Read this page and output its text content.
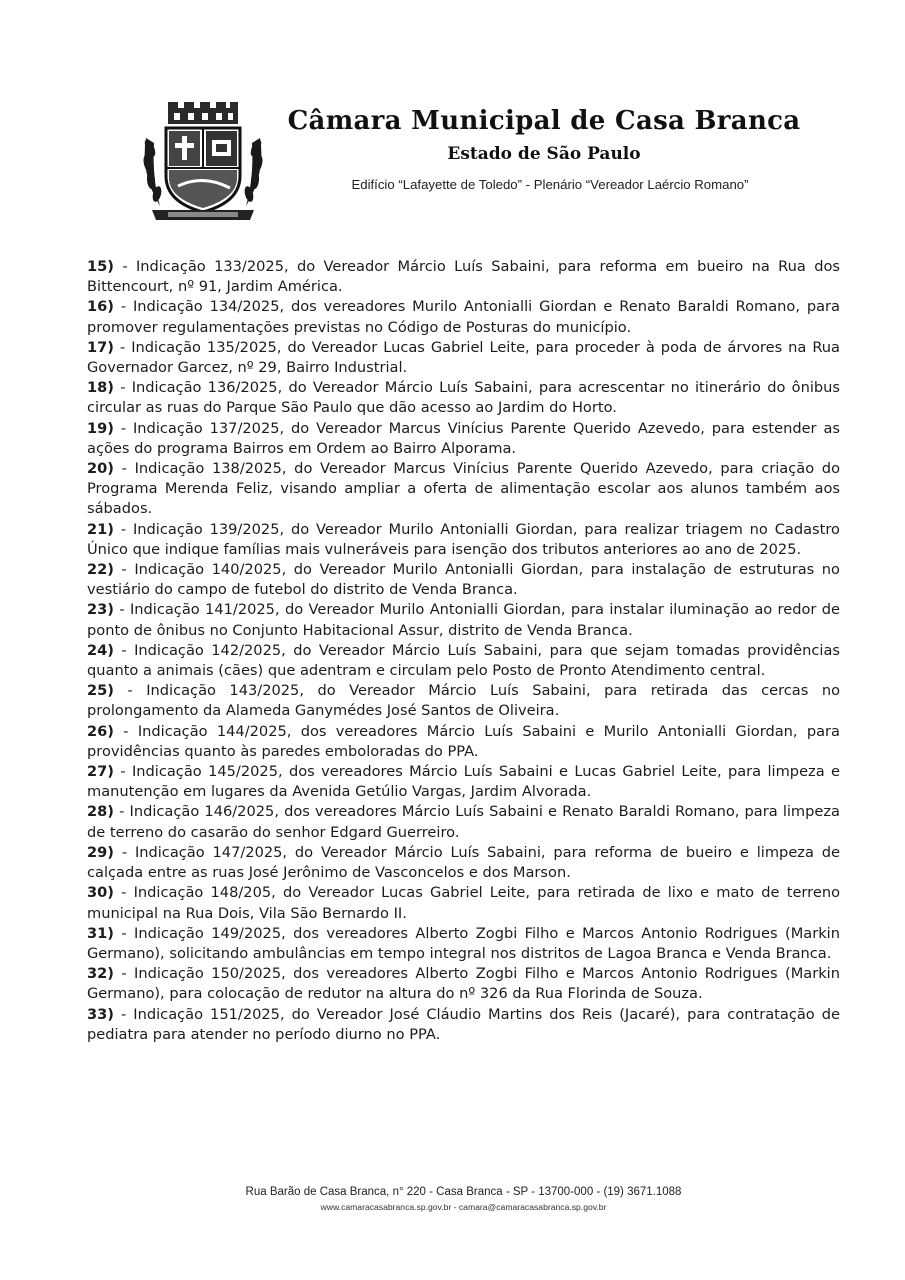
Câmara Municipal de Casa Branca
Estado de São Paulo
Edifício “Lafayette de Toledo” - Plenário “Vereador Laércio Romano”

15) - Indicação 133/2025, do Vereador Márcio Luís Sabaini, para reforma em bueiro na Rua dos Bittencourt, nº 91, Jardim América.

16) - Indicação 134/2025, dos vereadores Murilo Antonialli Giordan e Renato Baraldi Romano, para promover regulamentações previstas no Código de Posturas do município.

17) - Indicação 135/2025, do Vereador Lucas Gabriel Leite, para proceder à poda de árvores na Rua Governador Garcez, nº 29, Bairro Industrial.

18) - Indicação 136/2025, do Vereador Márcio Luís Sabaini, para acrescentar no itinerário do ônibus circular as ruas do Parque São Paulo que dão acesso ao Jardim do Horto.

19) - Indicação 137/2025, do Vereador Marcus Vinícius Parente Querido Azevedo, para estender as ações do programa Bairros em Ordem ao Bairro Alporama.

20) - Indicação 138/2025, do Vereador Marcus Vinícius Parente Querido Azevedo, para criação do Programa Merenda Feliz, visando ampliar a oferta de alimentação escolar aos alunos também aos sábados.

21) - Indicação 139/2025, do Vereador Murilo Antonialli Giordan, para realizar triagem no Cadastro Único que indique famílias mais vulneráveis para isenção dos tributos anteriores ao ano de 2025.

22) - Indicação 140/2025, do Vereador Murilo Antonialli Giordan, para instalação de estruturas no vestiário do campo de futebol do distrito de Venda Branca.

23) - Indicação 141/2025, do Vereador Murilo Antonialli Giordan, para instalar iluminação ao redor de ponto de ônibus no Conjunto Habitacional Assur, distrito de Venda Branca.

24) - Indicação 142/2025, do Vereador Márcio Luís Sabaini, para que sejam tomadas providências quanto a animais (cães) que adentram e circulam pelo Posto de Pronto Atendimento central.

25) - Indicação 143/2025, do Vereador Márcio Luís Sabaini, para retirada das cercas no prolongamento da Alameda Ganymédes José Santos de Oliveira.

26) - Indicação 144/2025, dos vereadores Márcio Luís Sabaini e Murilo Antonialli Giordan, para providências quanto às paredes emboloradas do PPA.

27) - Indicação 145/2025, dos vereadores Márcio Luís Sabaini e Lucas Gabriel Leite, para limpeza e manutenção em lugares da Avenida Getúlio Vargas, Jardim Alvorada.

28) - Indicação 146/2025, dos vereadores Márcio Luís Sabaini e Renato Baraldi Romano, para limpeza de terreno do casarão do senhor Edgard Guerreiro.

29) - Indicação 147/2025, do Vereador Márcio Luís Sabaini, para reforma de bueiro e limpeza de calçada entre as ruas José Jerônimo de Vasconcelos e dos Marson.

30) - Indicação 148/205, do Vereador Lucas Gabriel Leite, para retirada de lixo e mato de terreno municipal na Rua Dois, Vila São Bernardo II.

31) - Indicação 149/2025, dos vereadores Alberto Zogbi Filho e Marcos Antonio Rodrigues (Markin Germano), solicitando ambulâncias em tempo integral nos distritos de Lagoa Branca e Venda Branca.

32) - Indicação 150/2025, dos vereadores Alberto Zogbi Filho e Marcos Antonio Rodrigues (Markin Germano), para colocação de redutor na altura do nº 326 da Rua Florinda de Souza.

33) - Indicação 151/2025, do Vereador José Cláudio Martins dos Reis (Jacaré), para contratação de pediatra para atender no período diurno no PPA.

Rua Barão de Casa Branca, n° 220 - Casa Branca - SP - 13700-000 - (19) 3671.1088
www.camaracasabranca.sp.gov.br - camara@camaracasabranca.sp.gov.br
